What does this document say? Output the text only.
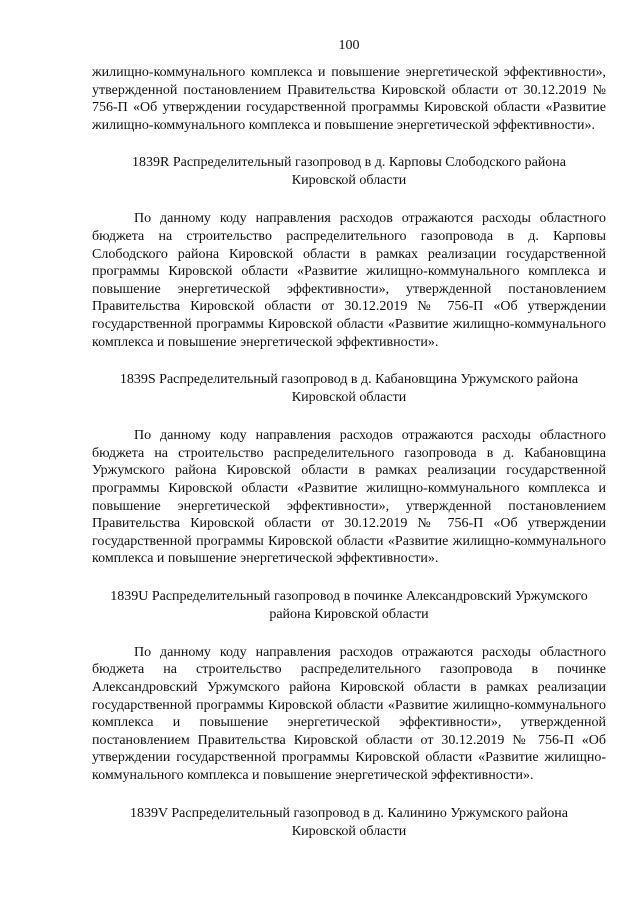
100

жилищно-коммунального комплекса и повышение энергетической эффективности», утвержденной постановлением Правительства Кировской области от 30.12.2019 № 756-П «Об утверждении государственной программы Кировской области «Развитие жилищно-коммунального комплекса и повышение энергетической эффективности».

1839R Распределительный газопровод в д. Карповы Слободского района Кировской области

По данному коду направления расходов отражаются расходы областного бюджета на строительство распределительного газопровода в д. Карповы Слободского района Кировской области в рамках реализации государственной программы Кировской области «Развитие жилищно-коммунального комплекса и повышение энергетической эффективности», утвержденной постановлением Правительства Кировской области от 30.12.2019 № 756-П «Об утверждении государственной программы Кировской области «Развитие жилищно-коммунального комплекса и повышение энергетической эффективности».

1839S Распределительный газопровод в д. Кабановщина Уржумского района Кировской области

По данному коду направления расходов отражаются расходы областного бюджета на строительство распределительного газопровода в д. Кабановщина Уржумского района Кировской области в рамках реализации государственной программы Кировской области «Развитие жилищно-коммунального комплекса и повышение энергетической эффективности», утвержденной постановлением Правительства Кировской области от 30.12.2019 № 756-П «Об утверждении государственной программы Кировской области «Развитие жилищно-коммунального комплекса и повышение энергетической эффективности».

1839U Распределительный газопровод в починке Александровский Уржумского района Кировской области

По данному коду направления расходов отражаются расходы областного бюджета на строительство распределительного газопровода в починке Александровский Уржумского района Кировской области в рамках реализации государственной программы Кировской области «Развитие жилищно-коммунального комплекса и повышение энергетической эффективности», утвержденной постановлением Правительства Кировской области от 30.12.2019 № 756-П «Об утверждении государственной программы Кировской области «Развитие жилищно-коммунального комплекса и повышение энергетической эффективности».

1839V Распределительный газопровод в д. Калинино Уржумского района Кировской области
